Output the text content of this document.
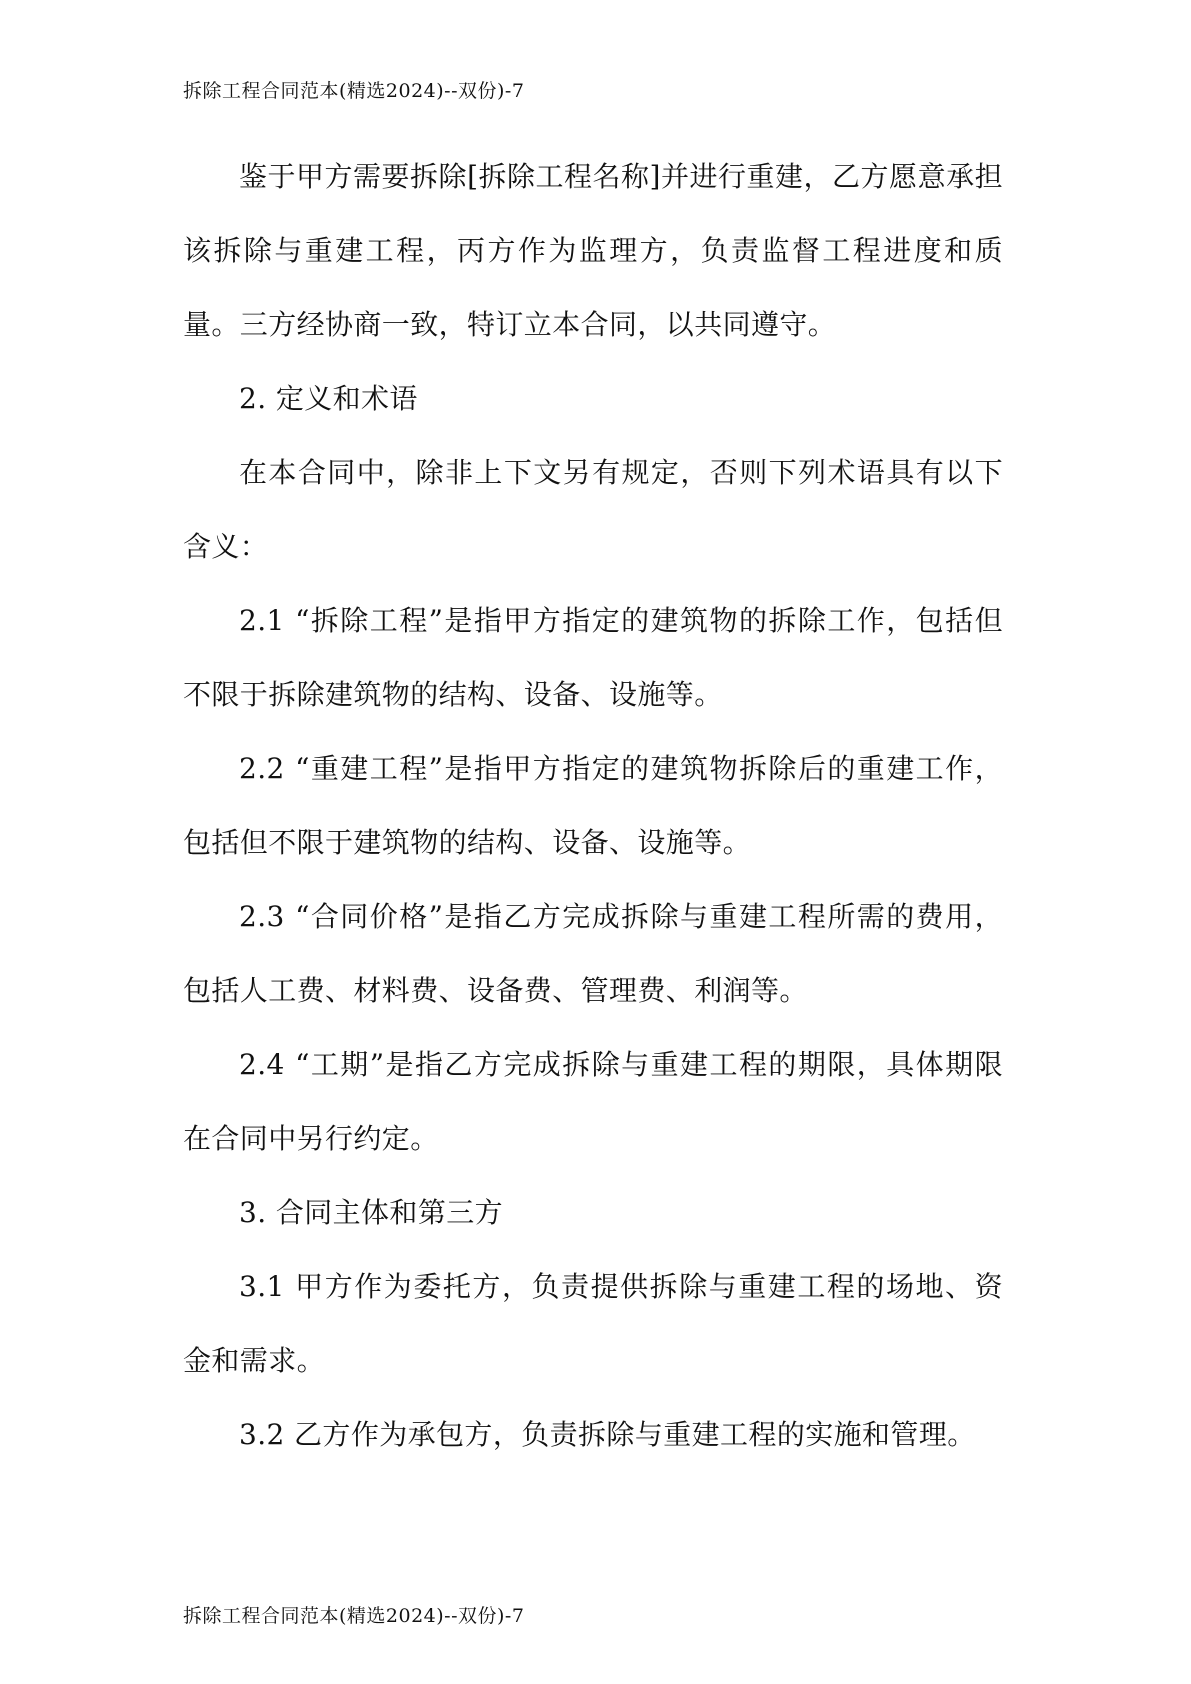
拆除工程合同范本(精选2024)--双份)-7

鉴于甲方需要拆除[拆除工程名称]并进行重建，乙方愿意承担该拆除与重建工程，丙方作为监理方，负责监督工程进度和质量。三方经协商一致，特订立本合同，以共同遵守。

2. 定义和术语

在本合同中，除非上下文另有规定，否则下列术语具有以下含义：

2.1 “拆除工程”是指甲方指定的建筑物的拆除工作，包括但不限于拆除建筑物的结构、设备、设施等。

2.2 “重建工程”是指甲方指定的建筑物拆除后的重建工作，包括但不限于建筑物的结构、设备、设施等。

2.3 “合同价格”是指乙方完成拆除与重建工程所需的费用，包括人工费、材料费、设备费、管理费、利润等。

2.4 “工期”是指乙方完成拆除与重建工程的期限，具体期限在合同中另行约定。

3. 合同主体和第三方

3.1 甲方作为委托方，负责提供拆除与重建工程的场地、资金和需求。

3.2 乙方作为承包方，负责拆除与重建工程的实施和管理。

拆除工程合同范本(精选2024)--双份)-7
